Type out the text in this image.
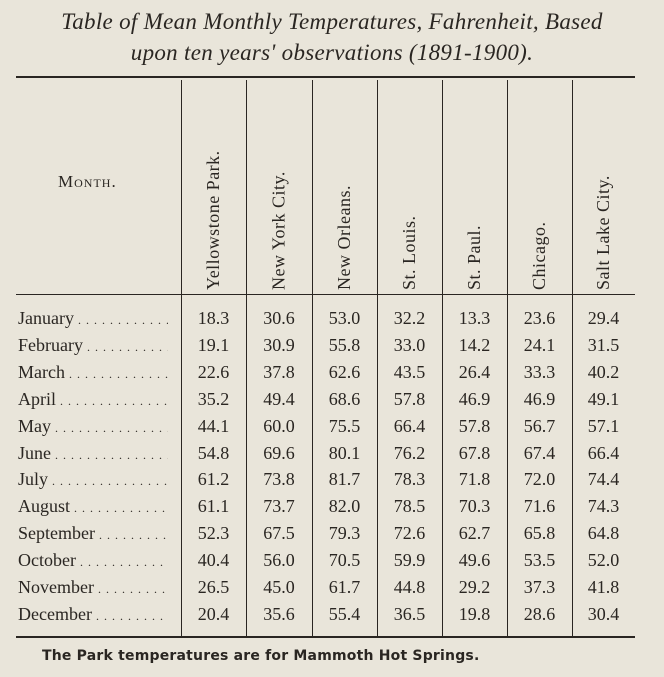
Table of Mean Monthly Temperatures, Fahrenheit, Based
upon ten years' observations (1891-1900).
Month.	Yellowstone Park.	New York City.	New Orleans.	St. Louis.	St. Paul.	Chicago.	Salt Lake City.
January . . .	18.3	30.6	53.0	32.2	13.3	23.6	29.4
February . . .	19.1	30.9	55.8	33.0	14.2	24.1	31.5
March . . .	22.6	37.8	62.6	43.5	26.4	33.3	40.2
April . . .	35.2	49.4	68.6	57.8	46.9	46.9	49.1
May . . .	44.1	60.0	75.5	66.4	57.8	56.7	57.1
June . . .	54.8	69.6	80.1	76.2	67.8	67.4	66.4
July . . .	61.2	73.8	81.7	78.3	71.8	72.0	74.4
August . . .	61.1	73.7	82.0	78.5	70.3	71.6	74.3
September . . .	52.3	67.5	79.3	72.6	62.7	65.8	64.8
October . . .	40.4	56.0	70.5	59.9	49.6	53.5	52.0
November . . .	26.5	45.0	61.7	44.8	29.2	37.3	41.8
December . . .	20.4	35.6	55.4	36.5	19.8	28.6	30.4
The Park temperatures are for Mammoth Hot Springs.
